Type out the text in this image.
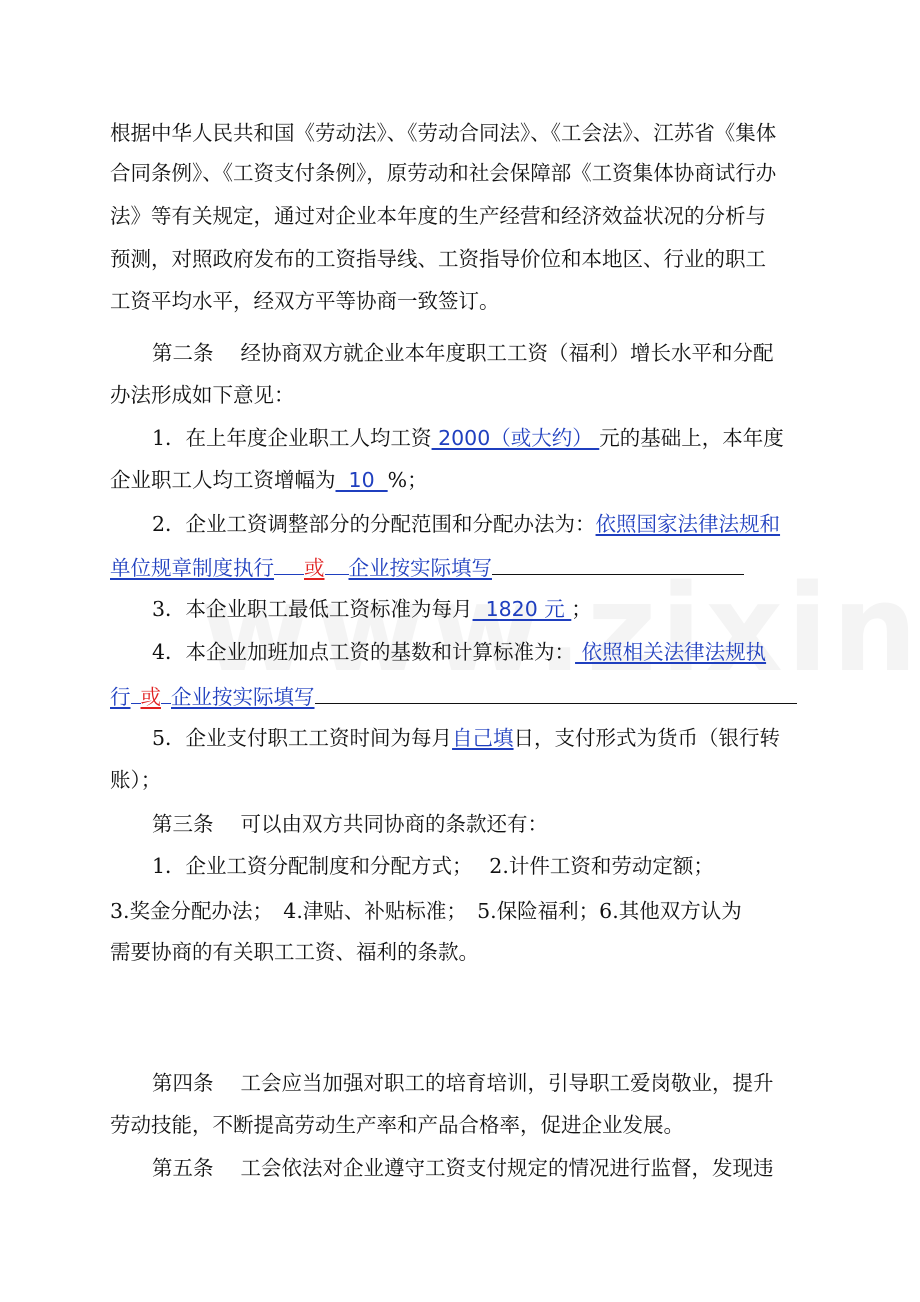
根据中华人民共和国《劳动法》、《劳动合同法》、《工会法》、江苏省《集体
合同条例》、《工资支付条例》，原劳动和社会保障部《工资集体协商试行办
法》等有关规定，通过对企业本年度的生产经营和经济效益状况的分析与
预测，对照政府发布的工资指导线、工资指导价位和本地区、行业的职工
工资平均水平，经双方平等协商一致签订。
第二条　 经协商双方就企业本年度职工工资（福利）增长水平和分配
办法形成如下意见：
1．在上年度企业职工人均工资 2000（或大约） 元的基础上，本年度
企业职工人均工资增幅为  10  %；
2．企业工资调整部分的分配范围和分配办法为：依照国家法律法规和
单位规章制度执行 或 企业按实际填写
3．本企业职工最低工资标准为每月  1820 元 ；
4．本企业加班加点工资的基数和计算标准为： 依照相关法律法规执
行 或 企业按实际填写
5．企业支付职工工资时间为每月自己填日，支付形式为货币（银行转
账）；
第三条　 可以由双方共同协商的条款还有：
1．企业工资分配制度和分配方式；　 2.计件工资和劳动定额；
3.奖金分配办法；　4.津贴、补贴标准；　5.保险福利；6.其他双方认为
需要协商的有关职工工资、福利的条款。
第四条　 工会应当加强对职工的培育培训，引导职工爱岗敬业，提升
劳动技能，不断提高劳动生产率和产品合格率，促进企业发展。
第五条　 工会依法对企业遵守工资支付规定的情况进行监督，发现违
